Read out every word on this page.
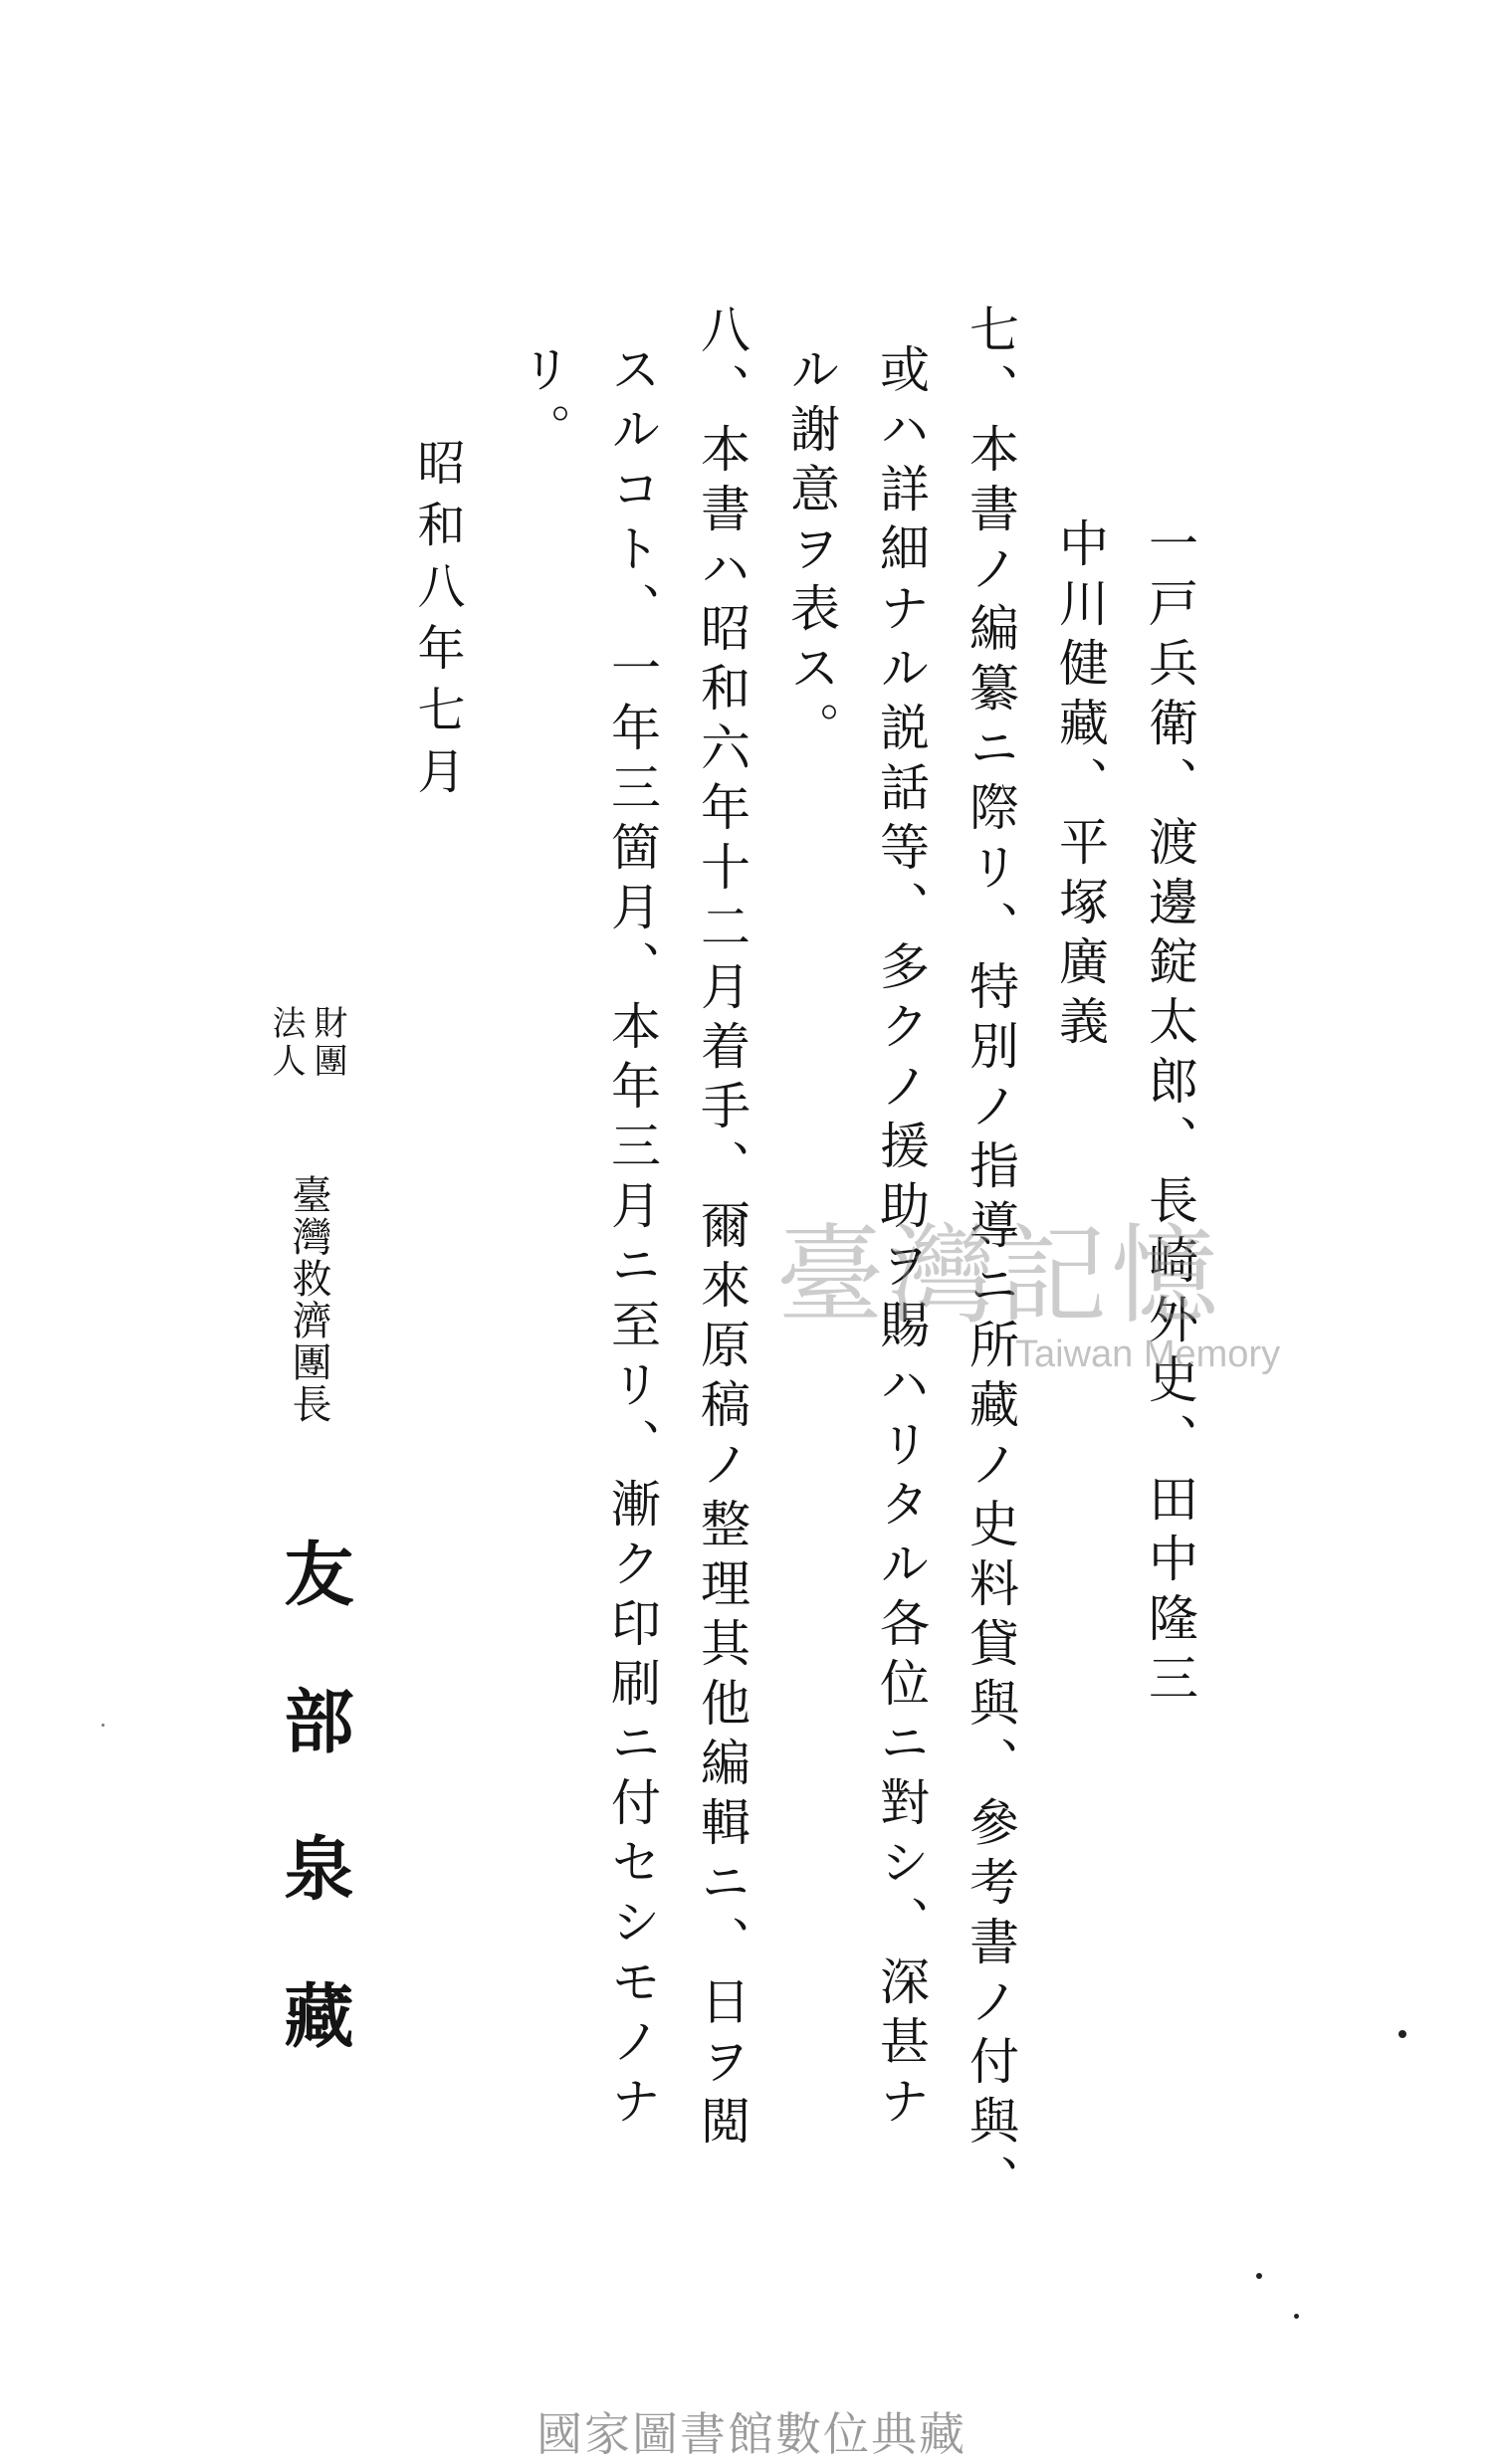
一戸兵衛、渡邊錠太郎、長崎外史、田中隆三

中川健藏、平塚廣義

七、本書ノ編纂ニ際リ、特別ノ指導ニ所藏ノ史料貸與、參考書ノ付與、

或ハ詳細ナル説話等、多クノ援助ヲ賜ハリタル各位ニ對シ、深甚ナ

ル謝意ヲ表ス。

八、本書ハ昭和六年十二月着手、爾來原稿ノ整理其他編輯ニ、日ヲ閲

スルコト、一年三箇月、本年三月ニ至リ、漸ク印刷ニ付セシモノナ

リ。

昭和八年七月

財團

法人

臺灣救濟團長

友部泉藏

臺灣記憶
Taiwan Memory
國家圖書館數位典藏
